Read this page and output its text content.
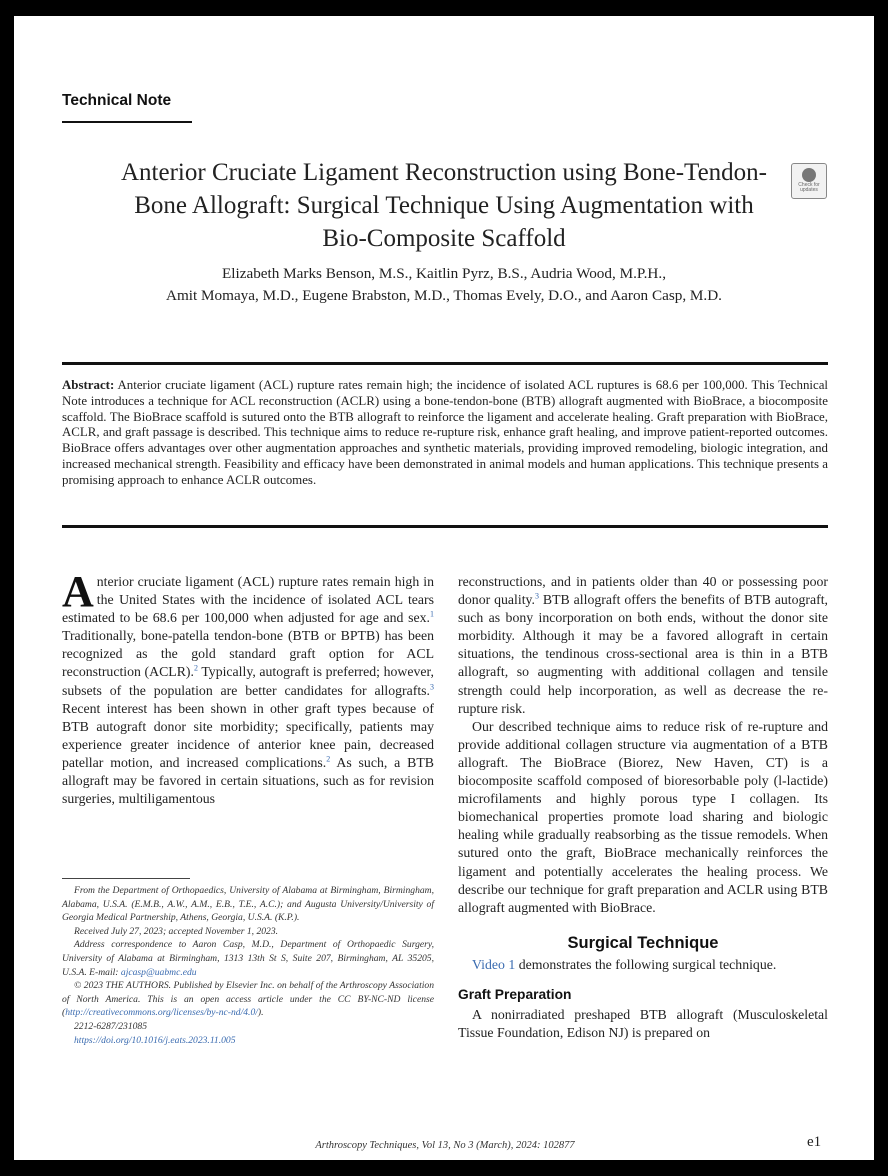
Technical Note
Anterior Cruciate Ligament Reconstruction using Bone-Tendon-Bone Allograft: Surgical Technique Using Augmentation with Bio-Composite Scaffold
Check for updates
Elizabeth Marks Benson, M.S., Kaitlin Pyrz, B.S., Audria Wood, M.P.H.,
Amit Momaya, M.D., Eugene Brabston, M.D., Thomas Evely, D.O., and Aaron Casp, M.D.
Abstract: Anterior cruciate ligament (ACL) rupture rates remain high; the incidence of isolated ACL ruptures is 68.6 per 100,000. This Technical Note introduces a technique for ACL reconstruction (ACLR) using a bone-tendon-bone (BTB) allograft augmented with BioBrace, a biocomposite scaffold. The BioBrace scaffold is sutured onto the BTB allograft to reinforce the ligament and accelerate healing. Graft preparation with BioBrace, ACLR, and graft passage is described. This technique aims to reduce re-rupture risk, enhance graft healing, and improve patient-reported outcomes. BioBrace offers advantages over other augmentation approaches and synthetic materials, providing improved remodeling, biologic integration, and increased mechanical strength. Feasibility and efficacy have been demonstrated in animal models and human applications. This technique presents a promising approach to enhance ACLR outcomes.

Anterior cruciate ligament (ACL) rupture rates remain high in the United States with the incidence of isolated ACL tears estimated to be 68.6 per 100,000 when adjusted for age and sex.$^1$ Traditionally, bone-patella tendon-bone (BTB or BPTB) has been recognized as the gold standard graft option for ACL reconstruction (ACLR).$^2$ Typically, autograft is preferred; however, subsets of the population are better candidates for allografts.$^3$ Recent interest has been shown in other graft types because of BTB autograft donor site morbidity; specifically, patients may experience greater incidence of anterior knee pain, decreased patellar motion, and increased complications.$^2$ As such, a BTB allograft may be favored in certain situations, such as for revision surgeries, multiligamentous

From the Department of Orthopaedics, University of Alabama at Birmingham, Birmingham, Alabama, U.S.A. (E.M.B., A.W., A.M., E.B., T.E., A.C.); and Augusta University/University of Georgia Medical Partnership, Athens, Georgia, U.S.A. (K.P.).

Received July 27, 2023; accepted November 1, 2023.

Address correspondence to Aaron Casp, M.D., Department of Orthopaedic Surgery, University of Alabama at Birmingham, 1313 13th St S, Suite 207, Birmingham, AL 35205, U.S.A. E-mail: ajcasp@uabmc.edu

© 2023 THE AUTHORS. Published by Elsevier Inc. on behalf of the Arthroscopy Association of North America. This is an open access article under the CC BY-NC-ND license (http://creativecommons.org/licenses/by-nc-nd/4.0/).

2212-6287/231085

https://doi.org/10.1016/j.eats.2023.11.005

reconstructions, and in patients older than 40 or possessing poor donor quality.$^3$ BTB allograft offers the benefits of BTB autograft, such as bony incorporation on both ends, without the donor site morbidity. Although it may be a favored allograft in certain situations, the tendinous cross-sectional area is thin in a BTB allograft, so augmenting with additional collagen and tensile strength could help incorporation, as well as decrease the re-rupture risk.

Our described technique aims to reduce risk of re-rupture and provide additional collagen structure via augmentation of a BTB allograft. The BioBrace (Biorez, New Haven, CT) is a biocomposite scaffold composed of bioresorbable poly (l-lactide) microfilaments and highly porous type I collagen. Its biomechanical properties promote load sharing and biologic healing while gradually reabsorbing as the tissue remodels. When sutured onto the graft, BioBrace mechanically reinforces the ligament and potentially accelerates the healing process. We describe our technique for graft preparation and ACLR using BTB allograft augmented with BioBrace.

Surgical Technique

Video 1 demonstrates the following surgical technique.

Graft Preparation

A nonirradiated preshaped BTB allograft (Musculoskeletal Tissue Foundation, Edison NJ) is prepared on

Arthroscopy Techniques, Vol 13, No 3 (March), 2024: 102877	e1
